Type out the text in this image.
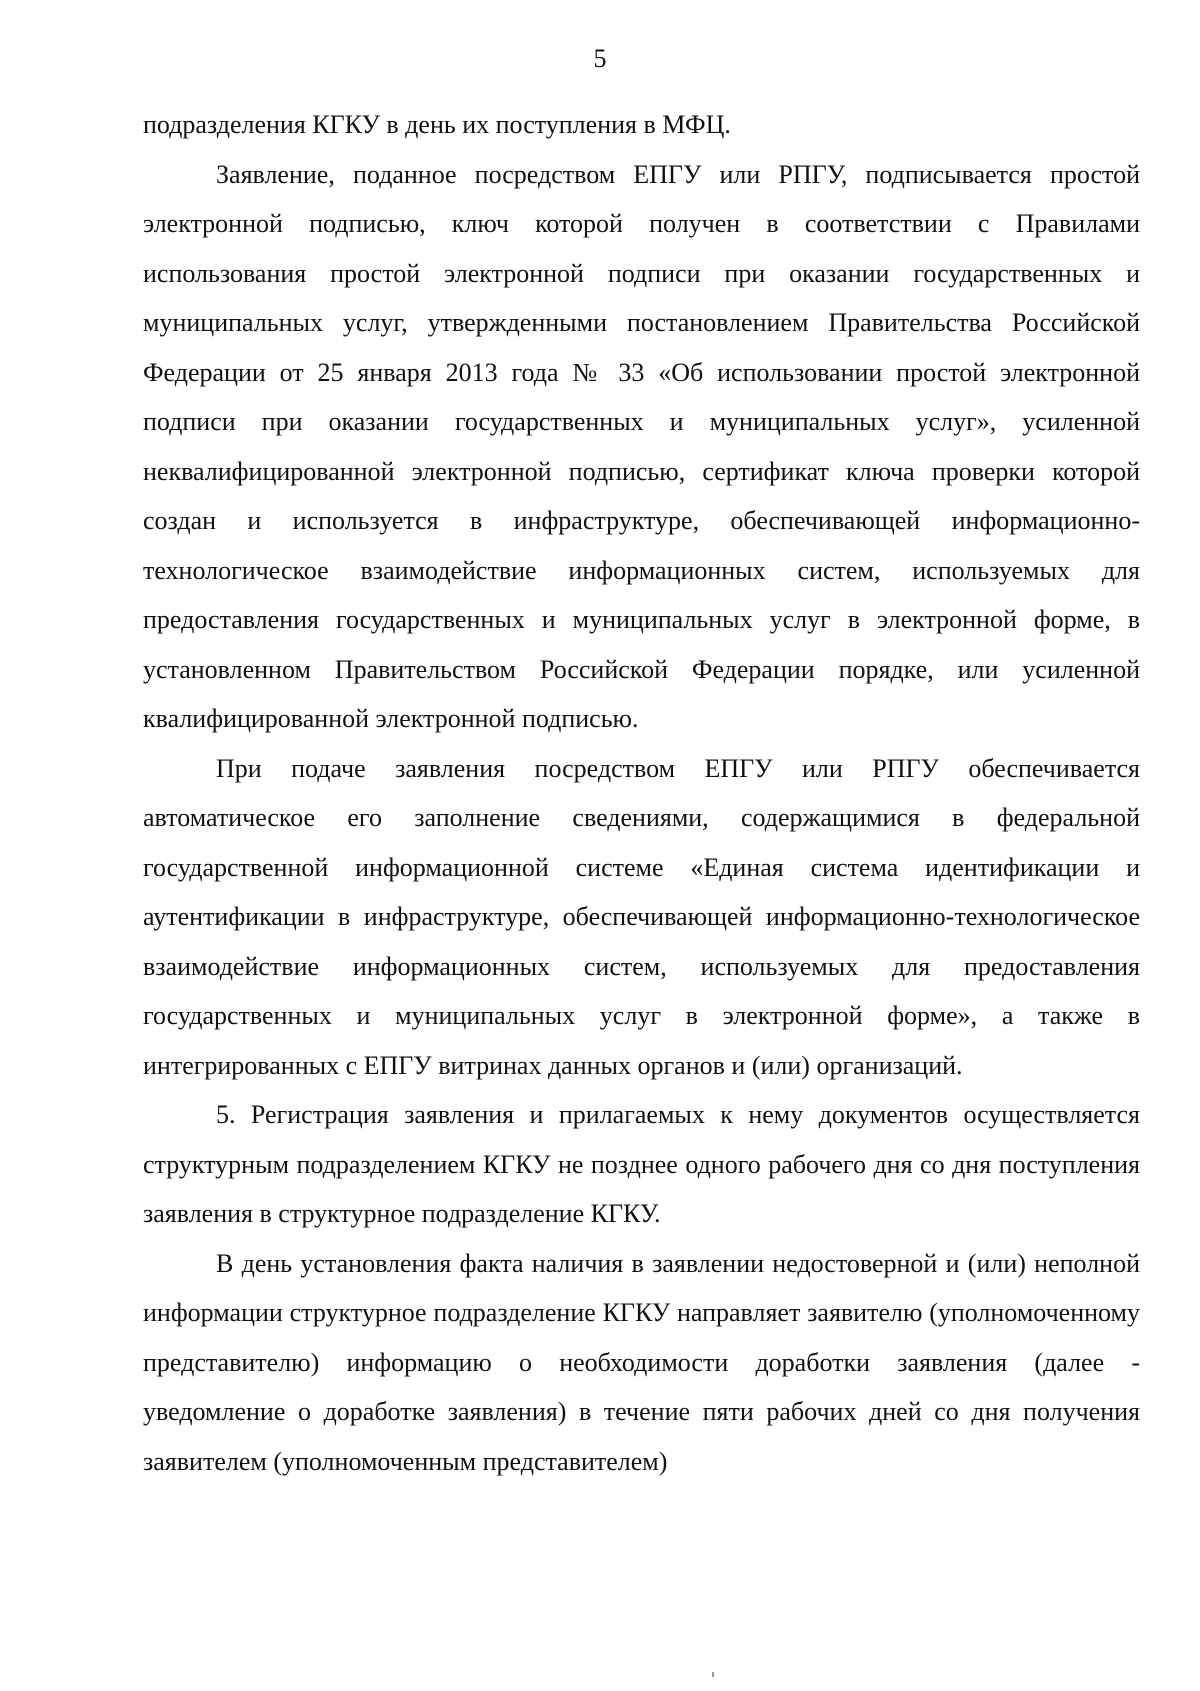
5

подразделения КГКУ в день их поступления в МФЦ.

Заявление, поданное посредством ЕПГУ или РПГУ, подписывается простой электронной подписью, ключ которой получен в соответствии с Правилами использования простой электронной подписи при оказании государственных и муниципальных услуг, утвержденными постановлением Правительства Российской Федерации от 25 января 2013 года № 33 «Об использовании простой электронной подписи при оказании государственных и муниципальных услуг», усиленной неквалифицированной электронной подписью, сертификат ключа проверки которой создан и используется в инфраструктуре, обеспечивающей информационно-технологическое взаимодействие информационных систем, используемых для предоставления государственных и муниципальных услуг в электронной форме, в установленном Правительством Российской Федерации порядке, или усиленной квалифицированной электронной подписью.

При подаче заявления посредством ЕПГУ или РПГУ обеспечивается автоматическое его заполнение сведениями, содержащимися в федеральной государственной информационной системе «Единая система идентификации и аутентификации в инфраструктуре, обеспечивающей информационно-технологическое взаимодействие информационных систем, используемых для предоставления государственных и муниципальных услуг в электронной форме», а также в интегрированных с ЕПГУ витринах данных органов и (или) организаций.

5. Регистрация заявления и прилагаемых к нему документов осуществляется структурным подразделением КГКУ не позднее одного рабочего дня со дня поступления заявления в структурное подразделение КГКУ.

В день установления факта наличия в заявлении недостоверной и (или) неполной информации структурное подразделение КГКУ направляет заявителю (уполномоченному представителю) информацию о необходимости доработки заявления (далее - уведомление о доработке заявления) в течение пяти рабочих дней со дня получения заявителем (уполномоченным представителем)
